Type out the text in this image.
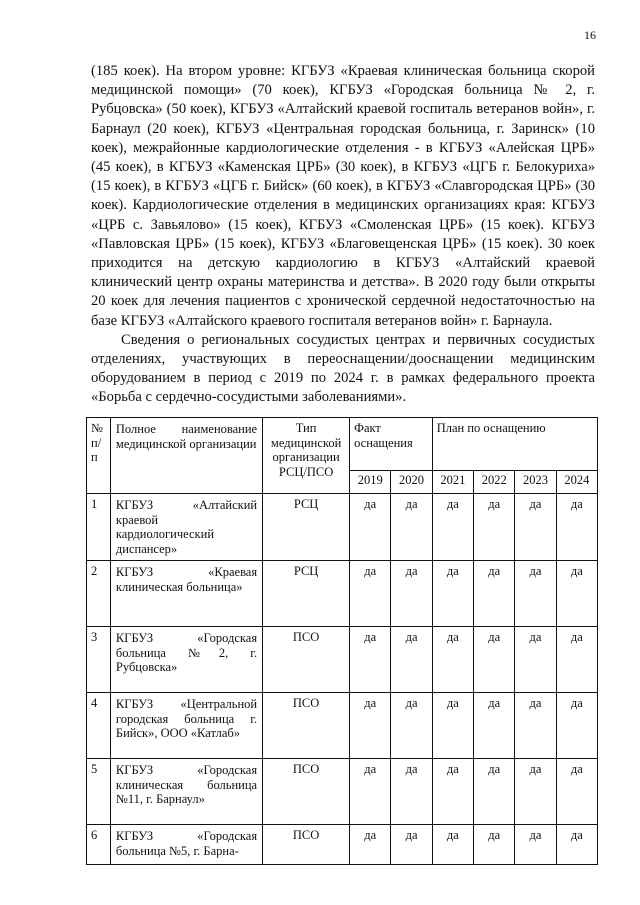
16

(185 коек). На втором уровне: КГБУЗ «Краевая клиническая больница скорой медицинской помощи» (70 коек), КГБУЗ «Городская больница № 2, г. Рубцовска» (50 коек), КГБУЗ «Алтайский краевой госпиталь ветеранов войн», г. Барнаул (20 коек), КГБУЗ «Центральная городская больница, г. Заринск» (10 коек), межрайонные кардиологические отделения - в КГБУЗ «Алейская ЦРБ» (45 коек), в КГБУЗ «Каменская ЦРБ» (30 коек), в КГБУЗ «ЦГБ г. Белокуриха» (15 коек), в КГБУЗ «ЦГБ г. Бийск» (60 коек), в КГБУЗ «Славгородская ЦРБ» (30 коек). Кардиологические отделения в медицинских организациях края: КГБУЗ «ЦРБ с. Завьялово» (15 коек), КГБУЗ «Смоленская ЦРБ» (15 коек). КГБУЗ «Павловская ЦРБ» (15 коек), КГБУЗ «Благовещенская ЦРБ» (15 коек). 30 коек приходится на детскую кардиологию в КГБУЗ «Алтайский краевой клинический центр охраны материнства и детства». В 2020 году были открыты 20 коек для лечения пациентов с хронической сердечной недостаточностью на базе КГБУЗ «Алтайского краевого госпиталя ветеранов войн» г. Барнаула.

Сведения о региональных сосудистых центрах и первичных сосудистых отделениях, участвующих в переоснащении/дооснащении медицинским оборудованием в период с 2019 по 2024 г. в рамках федерального проекта «Борьба с сердечно-сосудистыми заболеваниями».

№ п/п	Полное наименование медицинской организации	Тип медицинской организации РСЦ/ПСО	Факт оснащения		План по оснащению			
			2019	2020	2021	2022	2023	2024
1	КГБУЗ «Алтайский краевой кардиологический диспансер»	РСЦ	да	да	да	да	да	да
2	КГБУЗ «Краевая клиническая больница»	РСЦ	да	да	да	да	да	да
3	КГБУЗ «Городская больница №2, г. Рубцовска»	ПСО	да	да	да	да	да	да
4	КГБУЗ «Центральной городская больница г. Бийск», ООО «Катлаб»	ПСО	да	да	да	да	да	да
5	КГБУЗ «Городская клиническая больница №11, г. Барнаул»	ПСО	да	да	да	да	да	да
6	КГБУЗ «Городская больница №5, г. Барна-	ПСО	да	да	да	да	да	да
